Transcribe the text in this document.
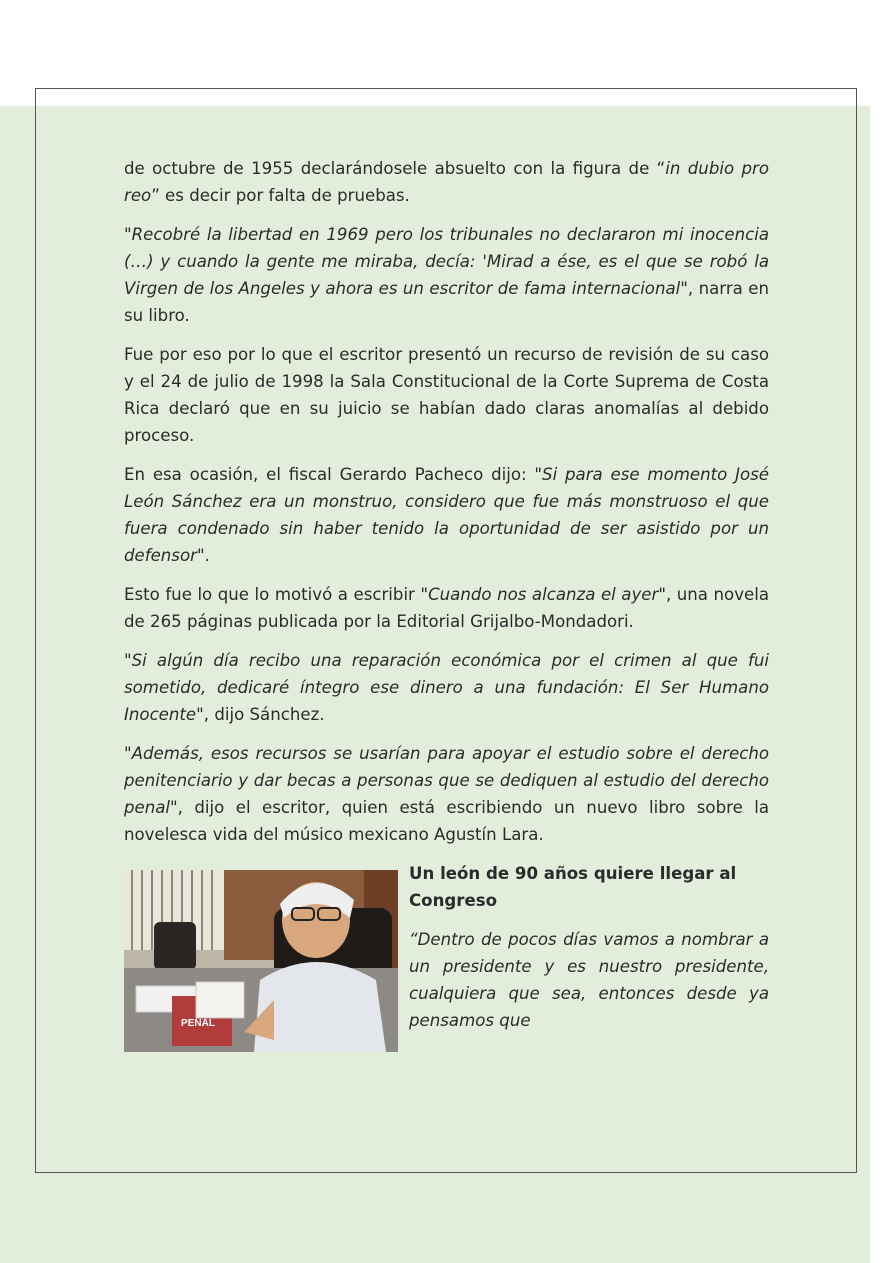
de octubre de 1955 declarándosele absuelto con la figura de “in dubio pro reo” es decir por falta de pruebas.

"Recobré la libertad en 1969 pero los tribunales no declararon mi inocencia (…) y cuando la gente me miraba, decía: 'Mirad a ése, es el que se robó la Virgen de los Angeles y ahora es un escritor de fama internacional", narra en su libro.

Fue por eso por lo que el escritor presentó un recurso de revisión de su caso y el 24 de julio de 1998 la Sala Constitucional de la Corte Suprema de Costa Rica declaró que en su juicio se habían dado claras anomalías al debido proceso.

En esa ocasión, el fiscal Gerardo Pacheco dijo: "Si para ese momento José León Sánchez era un monstruo, considero que fue más monstruoso el que fuera condenado sin haber tenido la oportunidad de ser asistido por un defensor".

Esto fue lo que lo motivó a escribir "Cuando nos alcanza el ayer", una novela de 265 páginas publicada por la Editorial Grijalbo-Mondadori.

"Si algún día recibo una reparación económica por el crimen al que fui sometido, dedicaré íntegro ese dinero a una fundación: El Ser Humano Inocente", dijo Sánchez.

"Además, esos recursos se usarían para apoyar el estudio sobre el derecho penitenciario y dar becas a personas que se dediquen al estudio del derecho penal", dijo el escritor, quien está escribiendo un nuevo libro sobre la novelesca vida del músico mexicano Agustín Lara.

PENAL

Un león de 90 años quiere llegar al Congreso

“Dentro de pocos días vamos a nombrar a un presidente y es nuestro presidente, cualquiera que sea, entonces desde ya pensamos que
